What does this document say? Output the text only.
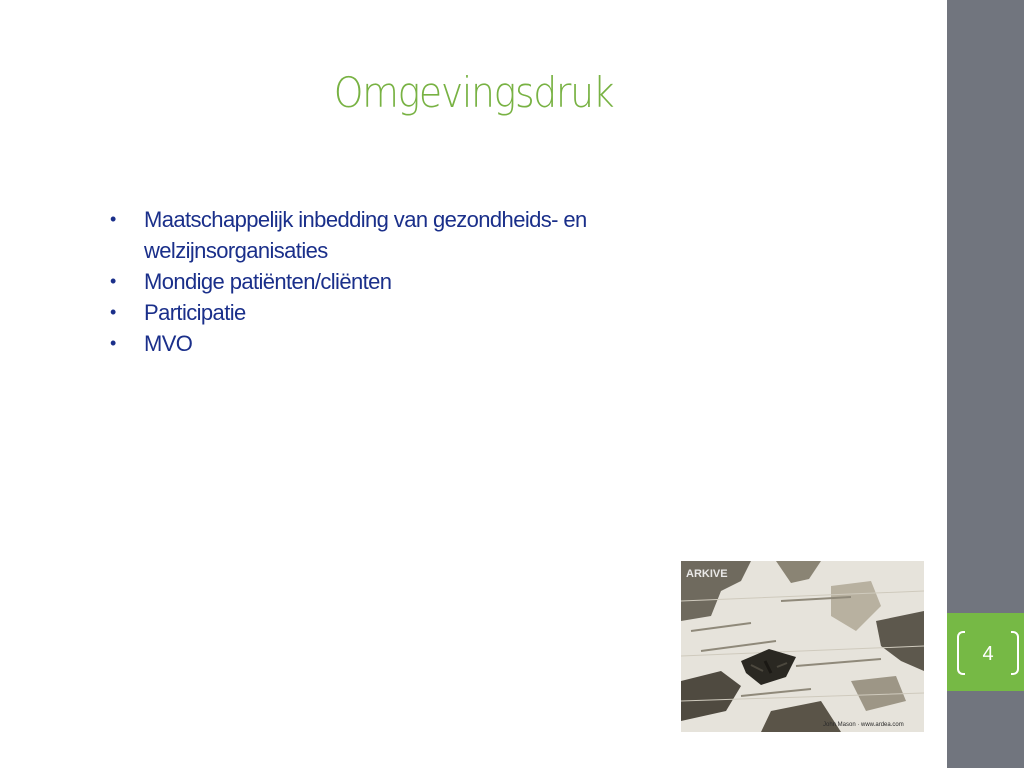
Omgevingsdruk
• Maatschappelijk inbedding van gezondheids- en welzijnsorganisaties
• Mondige patiënten/cliënten
• Participatie
• MVO
ARKIVE
John Mason · www.ardea.com
4
